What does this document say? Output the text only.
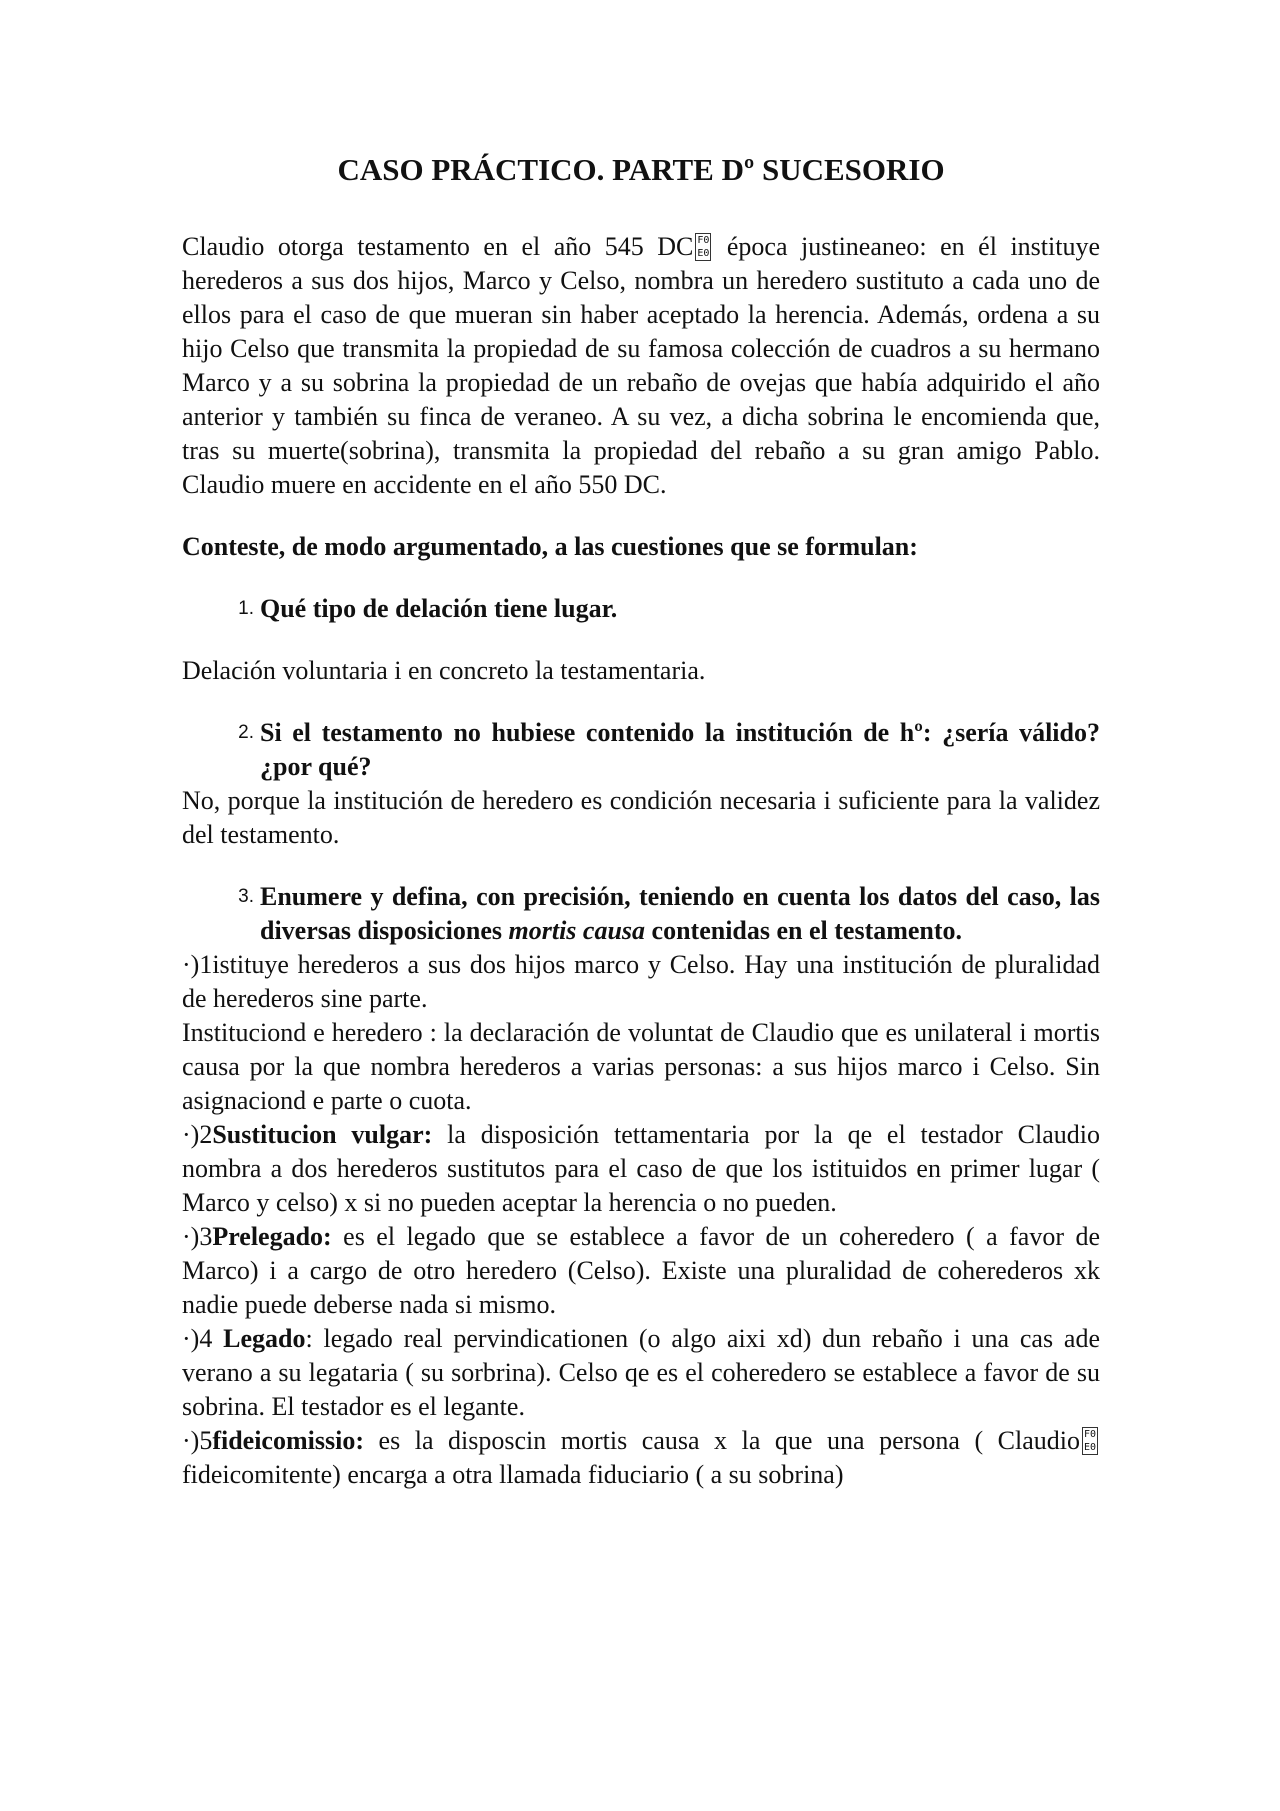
CASO PRÁCTICO. PARTE Dº SUCESORIO

Claudio otorga testamento en el año 545 DCF0 E0 época justineaneo: en él instituye herederos a sus dos hijos, Marco y Celso, nombra un heredero sustituto a cada uno de ellos para el caso de que mueran sin haber aceptado la herencia. Además, ordena a su hijo Celso que transmita la propiedad de su famosa colección de cuadros a su hermano Marco y a su sobrina la propiedad de un rebaño de ovejas que había adquirido el año anterior y también su finca de veraneo. A su vez, a dicha sobrina le encomienda que, tras su muerte(sobrina), transmita la propiedad del rebaño a su gran amigo Pablo. Claudio muere en accidente en el año 550 DC.

Conteste, de modo argumentado, a las cuestiones que se formulan:

1. Qué tipo de delación tiene lugar.

Delación voluntaria i en concreto la testamentaria.

2. Si el testamento no hubiese contenido la institución de hº: ¿sería válido? ¿por qué?

No, porque la institución de heredero es condición necesaria i suficiente para la validez del testamento.

3. Enumere y defina, con precisión, teniendo en cuenta los datos del caso, las diversas disposiciones mortis causa contenidas en el testamento.

·)1istituye herederos a sus dos hijos marco y Celso. Hay una institución de pluralidad de herederos sine parte.

Instituciond e heredero : la declaración de voluntat de Claudio que es unilateral i mortis causa por la que nombra herederos a varias personas: a sus hijos marco i Celso. Sin asignaciond e parte o cuota.

·)2Sustitucion vulgar: la disposición tettamentaria por la qe el testador Claudio nombra a dos herederos sustitutos para el caso de que los istituidos en primer lugar ( Marco y celso) x si no pueden aceptar la herencia o no pueden.

·)3Prelegado: es el legado que se establece a favor de un coheredero ( a favor de Marco) i a cargo de otro heredero (Celso). Existe una pluralidad de coherederos xk nadie puede deberse nada si mismo.

·)4 Legado: legado real pervindicationen (o algo aixi xd) dun rebaño i una cas ade verano a su legataria ( su sorbrina). Celso qe es el coheredero se establece a favor de su sobrina. El testador es el legante.

·)5fideicomissio: es la disposcin mortis causa x la que una persona ( ClaudioF0 E0fideicomitente) encarga a otra llamada fiduciario ( a su sobrina)
